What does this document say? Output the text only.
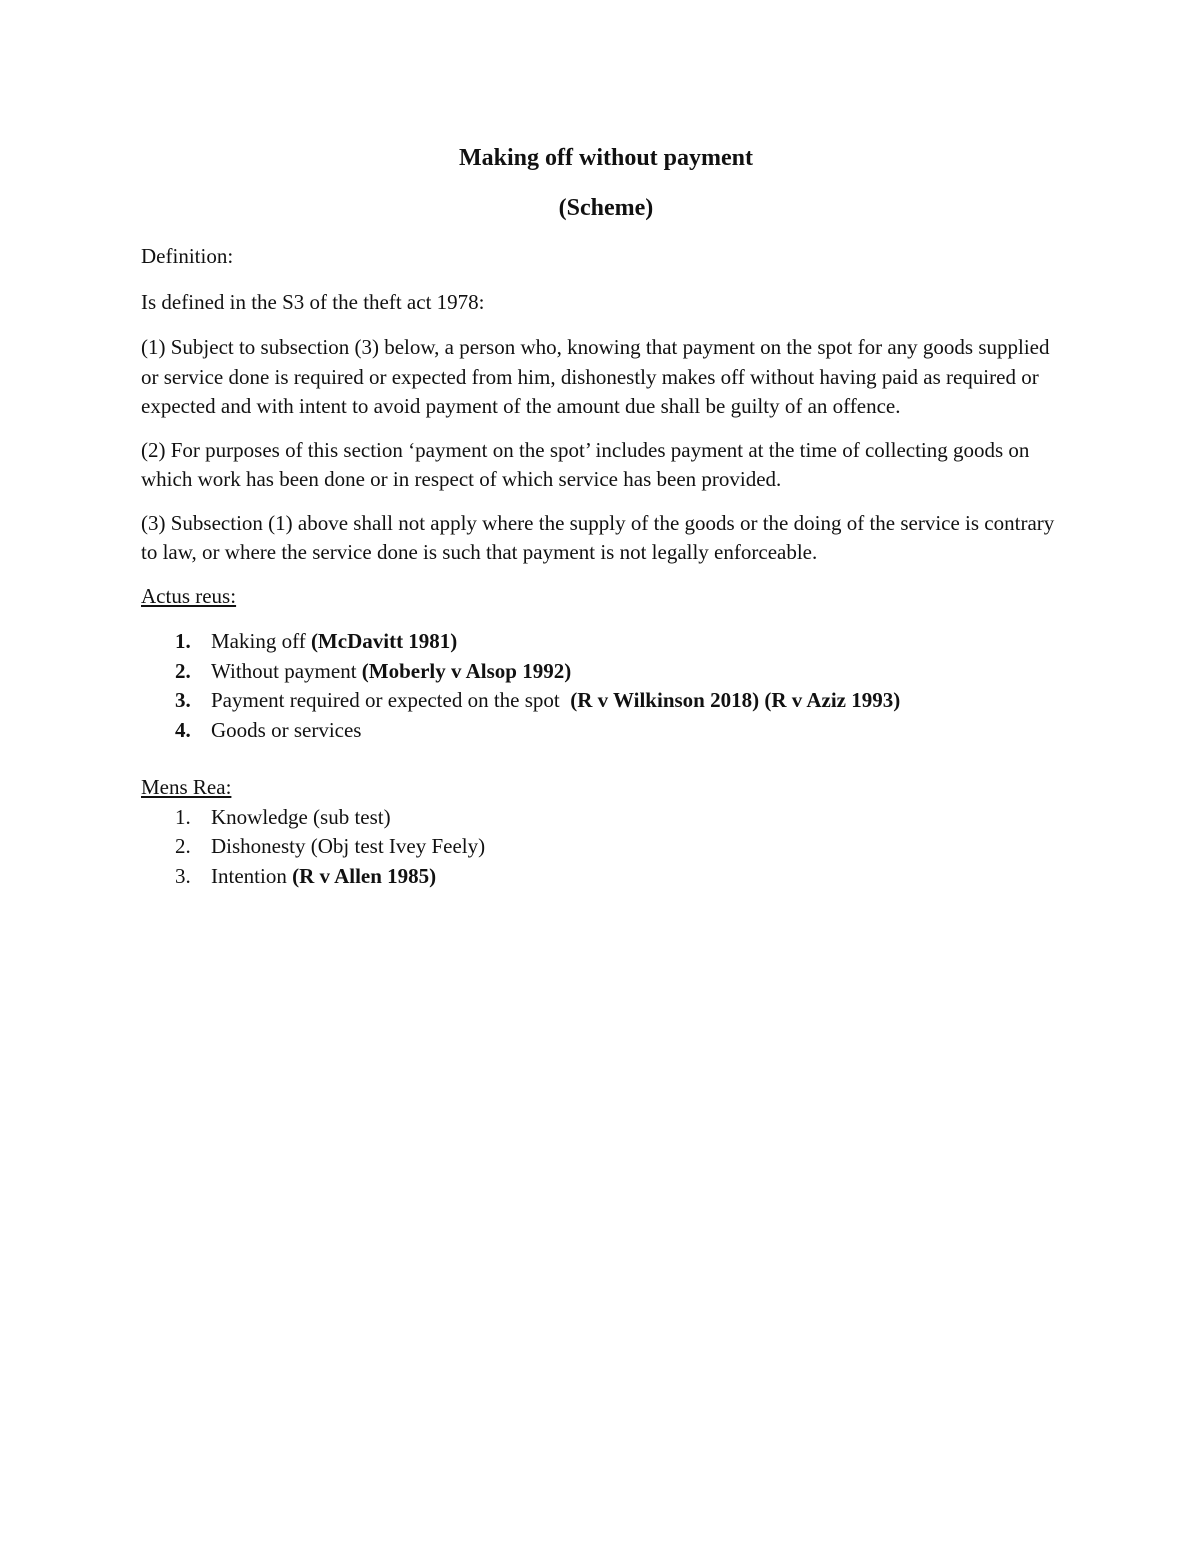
Making off without payment
(Scheme)

Definition:

Is defined in the S3 of the theft act 1978:

(1) Subject to subsection (3) below, a person who, knowing that payment on the spot for any goods supplied or service done is required or expected from him, dishonestly makes off without having paid as required or expected and with intent to avoid payment of the amount due shall be guilty of an offence.

(2) For purposes of this section ‘payment on the spot’ includes payment at the time of collecting goods on which work has been done or in respect of which service has been provided.

(3) Subsection (1) above shall not apply where the supply of the goods or the doing of the service is contrary to law, or where the service done is such that payment is not legally enforceable.

Actus reus:

1. Making off (McDavitt 1981)
2. Without payment (Moberly v Alsop 1992)
3. Payment required or expected on the spot  (R v Wilkinson 2018) (R v Aziz 1993)
4. Goods or services

Mens Rea:

1. Knowledge (sub test)
2. Dishonesty (Obj test Ivey Feely)
3. Intention (R v Allen 1985)
